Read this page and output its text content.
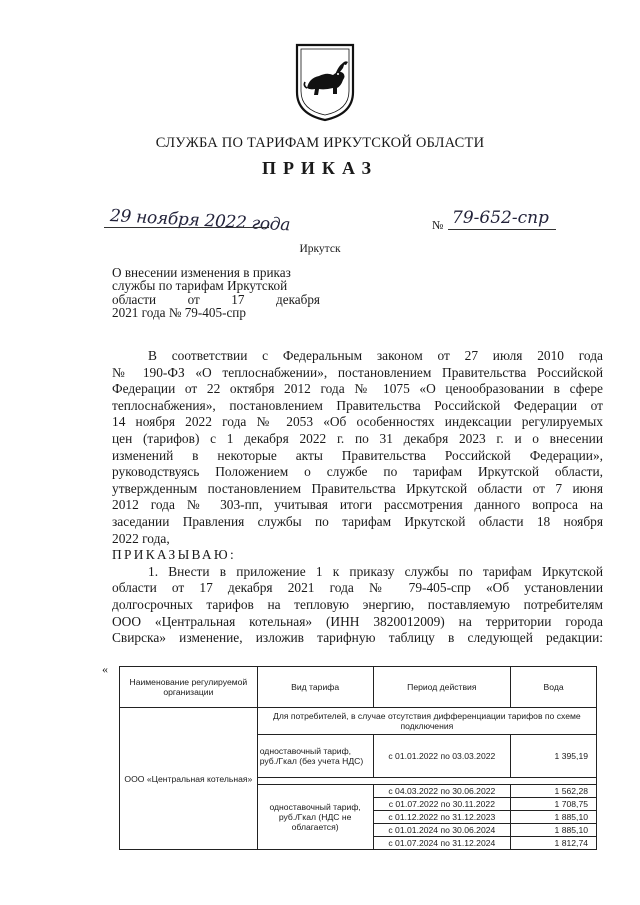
СЛУЖБА ПО ТАРИФАМ ИРКУТСКОЙ ОБЛАСТИ
ПРИКАЗ
29 ноября 2022 года	№ 79-652-спр
Иркутск
О внесении изменения в приказ
службы по тарифам Иркутской
области от 17 декабря
2021 года № 79-405-спр
В соответствии с Федеральным законом от 27 июля 2010 года
№ 190-ФЗ «О теплоснабжении», постановлением Правительства Российской
Федерации от 22 октября 2012 года № 1075 «О ценообразовании в сфере
теплоснабжения», постановлением Правительства Российской Федерации от
14 ноября 2022 года № 2053 «Об особенностях индексации регулируемых
цен (тарифов) с 1 декабря 2022 г. по 31 декабря 2023 г. и о внесении
изменений в некоторые акты Правительства Российской Федерации»,
руководствуясь Положением о службе по тарифам Иркутской области,
утвержденным постановлением Правительства Иркутской области от 7 июня
2012 года № 303-пп, учитывая итоги рассмотрения данного вопроса на
заседании Правления службы по тарифам Иркутской области 18 ноября
2022 года,
ПРИКАЗЫВАЮ:
1. Внести в приложение 1 к приказу службы по тарифам Иркутской
области от 17 декабря 2021 года № 79-405-спр «Об установлении
долгосрочных тарифов на тепловую энергию, поставляемую потребителям
ООО «Центральная котельная» (ИНН 3820012009) на территории города
Свирска» изменение, изложив тарифную таблицу в следующей редакции:
«
Наименование регулируемой организации	Вид тарифа	Период действия	Вода
ООО «Центральная котельная»	Для потребителей, в случае отсутствия дифференциации тарифов по схеме подключения		
	одноставочный тариф, руб./Гкал (без учета НДС)	с 01.01.2022 по 03.03.2022	1 395,19

	одноставочный тариф, руб./Гкал (НДС не облагается)	с 04.03.2022 по 30.06.2022	1 562,28
		с 01.07.2022 по 30.11.2022	1 708,75
		с 01.12.2022 по 31.12.2023	1 885,10
		с 01.01.2024 по 30.06.2024	1 885,10
		с 01.07.2024 по 31.12.2024	1 812,74
